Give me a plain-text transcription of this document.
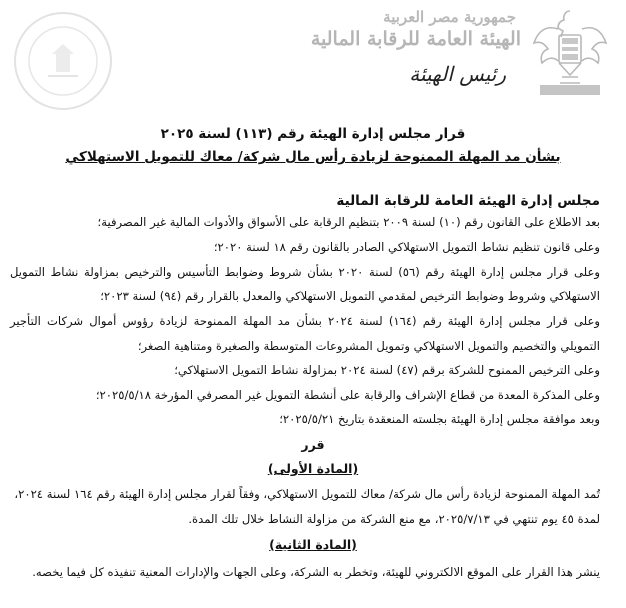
جمهورية مصر العربية
الهيئة العامة للرقابة المالية
رئيس الهيئة
قرار مجلس إدارة الهيئة رقم (١١٣) لسنة ٢٠٢٥
بشأن مد المهلة الممنوحة لزيادة رأس مال شركة/ معاك للتمويل الاستهلاكي
مجلس إدارة الهيئة العامة للرقابة المالية
بعد الاطلاع على القانون رقم (١٠) لسنة ٢٠٠٩ بتنظيم الرقابة على الأسواق والأدوات المالية غير المصرفية؛
وعلى قانون تنظيم نشاط التمويل الاستهلاكي الصادر بالقانون رقم ١٨ لسنة ٢٠٢٠؛
وعلى قرار مجلس إدارة الهيئة رقم (٥٦) لسنة ٢٠٢٠ بشأن شروط وضوابط التأسيس والترخيص بمزاولة نشاط التمويل
الاستهلاكي وشروط وضوابط الترخيص لمقدمي التمويل الاستهلاكي والمعدل بالقرار رقم (٩٤) لسنة ٢٠٢٣؛
وعلى قرار مجلس إدارة الهيئة رقم (١٦٤) لسنة ٢٠٢٤ بشأن مد المهلة الممنوحة لزيادة رؤوس أموال شركات التأجير
التمويلي والتخصيم والتمويل الاستهلاكي وتمويل المشروعات المتوسطة والصغيرة ومتناهية الصغر؛
وعلى الترخيص الممنوح للشركة برقم (٤٧) لسنة ٢٠٢٤ بمزاولة نشاط التمويل الاستهلاكي؛
وعلى المذكرة المعدة من قطاع الإشراف والرقابة على أنشطة التمويل غير المصرفي المؤرخة ٢٠٢٥/٥/١٨؛
وبعد موافقة مجلس إدارة الهيئة بجلسته المنعقدة بتاريخ ٢٠٢٥/٥/٢١؛
قرر
(المادة الأولى)
تُمد المهلة الممنوحة لزيادة رأس مال شركة/ معاك للتمويل الاستهلاكي، وفقاً لقرار مجلس إدارة الهيئة رقم ١٦٤ لسنة ٢٠٢٤،
لمدة ٤٥ يوم تنتهي في ٢٠٢٥/٧/١٣، مع منع الشركة من مزاولة النشاط خلال تلك المدة.
(المادة الثانية)
ينشر هذا القرار على الموقع الالكتروني للهيئة، وتخطر به الشركة، وعلى الجهات والإدارات المعنية تنفيذه كل فيما يخصه.
